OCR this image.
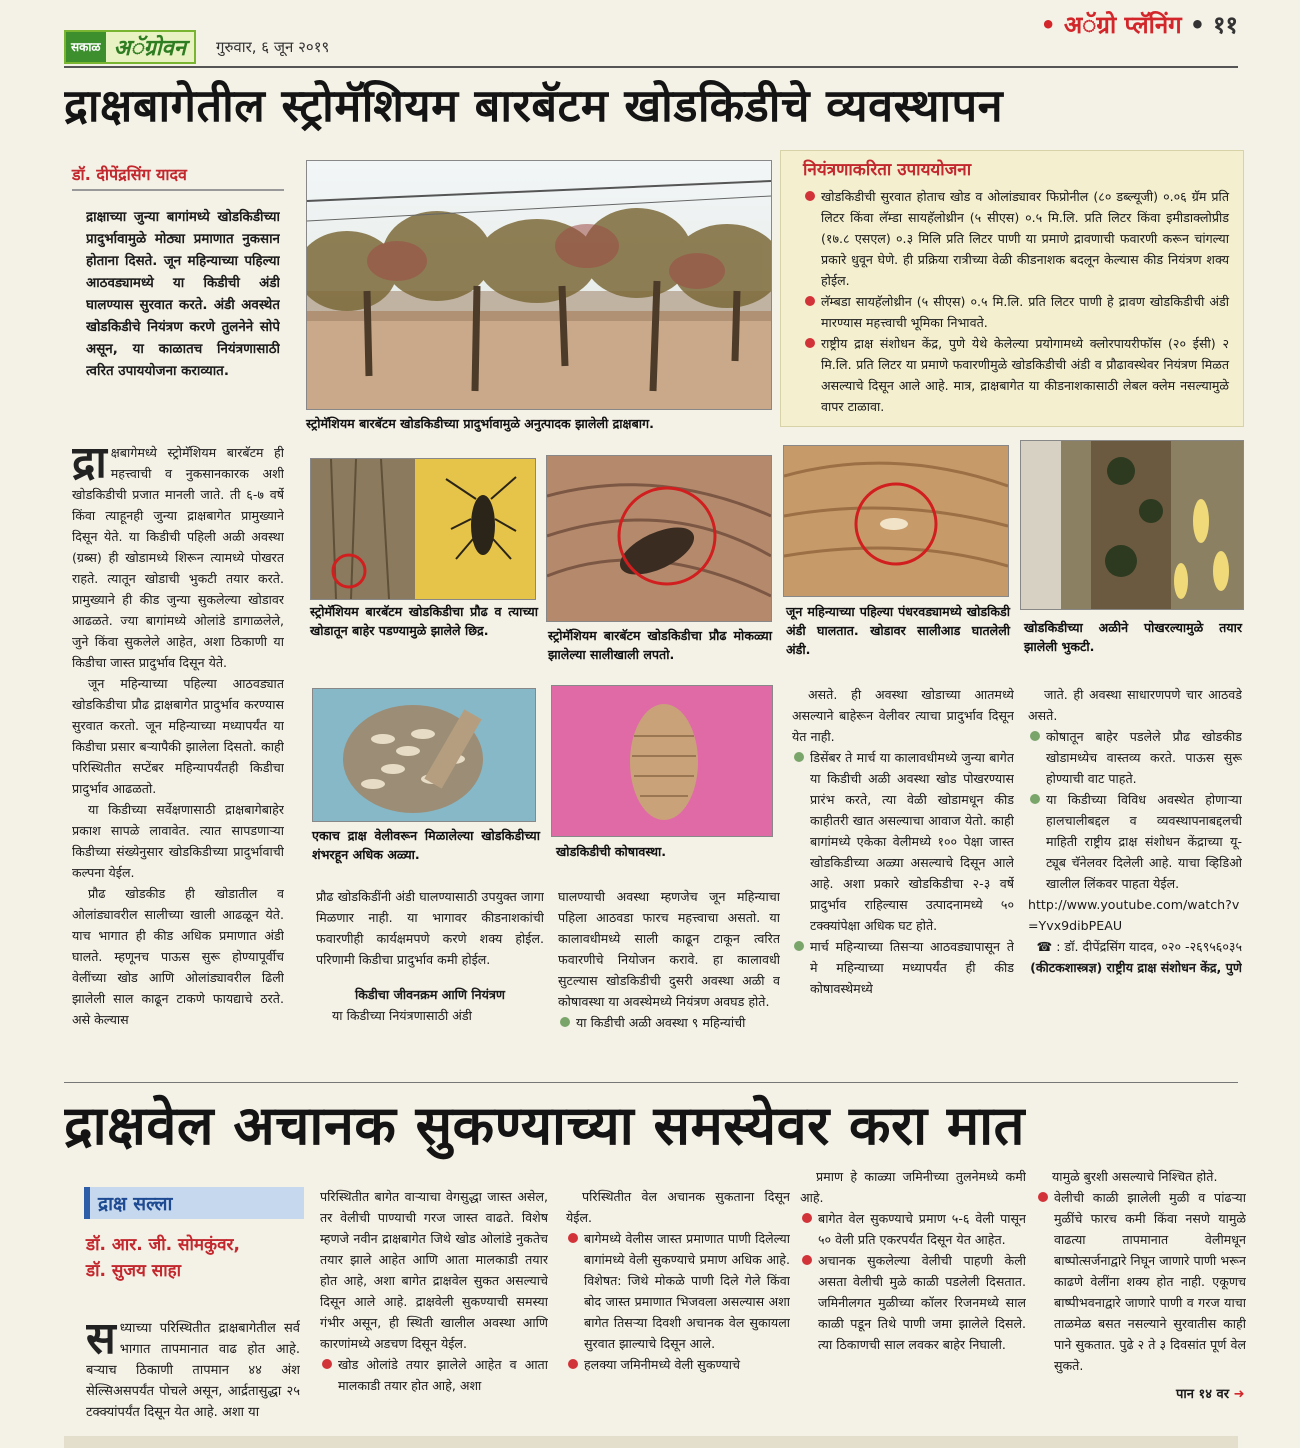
सकाळ अॅग्रोवन	गुरुवार, ६ जून २०१९
• अॅग्रो प्लॅनिंग • ११
द्राक्षबागेतील स्ट्रोमॅशियम बारबॅटम खोडकिडीचे व्यवस्थापन
डॉ. दीपेंद्रसिंग यादव
द्राक्षाच्या जुन्या बागांमध्ये खोडकिडीच्या प्रादुर्भावामुळे मोठ्या प्रमाणात नुकसान होताना दिसते. जून महिन्याच्या पहिल्या आठवड्यामध्ये या किडीची अंडी घालण्यास सुरवात करते. अंडी अवस्थेत खोडकिडीचे नियंत्रण करणे तुलनेने सोपे असून, या काळातच नियंत्रणासाठी त्वरित उपाययोजना कराव्यात.

द्रा क्षबागेमध्ये स्ट्रोमॅशियम बारबॅटम ही महत्त्वाची व नुकसानकारक अशी खोडकिडीची प्रजात मानली जाते. ती ६-७ वर्षे किंवा त्याहूनही जुन्या द्राक्षबागेत प्रामुख्याने दिसून येते. या किडीची पहिली अळी अवस्था (ग्रब्स) ही खोडामध्ये शिरून त्यामध्ये पोखरत राहते. त्यातून खोडाची भुकटी तयार करते. प्रामुख्याने ही कीड जुन्या सुकलेल्या खोडावर आढळते. ज्या बागांमध्ये ओलांडे डागाळलेले, जुने किंवा सुकलेले आहेत, अशा ठिकाणी या किडीचा जास्त प्रादुर्भाव दिसून येते.

जून महिन्याच्या पहिल्या आठवड्यात खोडकिडीचा प्रौढ द्राक्षबागेत प्रादुर्भाव करण्यास सुरवात करतो. जून महिन्याच्या मध्यापर्यंत या किडीचा प्रसार बऱ्यापैकी झालेला दिसतो. काही परिस्थितीत सप्टेंबर महिन्यापर्यंतही किडीचा प्रादुर्भाव आढळतो.

या किडीच्या सर्वेक्षणासाठी द्राक्षबागेबाहेर प्रकाश सापळे लावावेत. त्यात सापडणाऱ्या किडीच्या संख्येनुसार खोडकिडीच्या प्रादुर्भावाची कल्पना येईल.

प्रौढ खोडकीड ही खोडातील व ओलांड्यावरील सालीच्या खाली आढळून येते. याच भागात ही कीड अधिक प्रमाणात अंडी घालते. म्हणूनच पाऊस सुरू होण्यापूर्वीच वेलींच्या खोड आणि ओलांड्यावरील ढिली झालेली साल काढून टाकणे फायद्याचे ठरते. असे केल्यास

स्ट्रोमॅशियम बारबॅटम खोडकिडीच्या प्रादुर्भावामुळे अनुत्पादक झालेली द्राक्षबाग.
नियंत्रणाकरिता उपाययोजना
खोडकिडीची सुरवात होताच खोड व ओलांड्यावर फिप्रोनील (८० डब्ल्यूजी) ०.०६ ग्रॅम प्रति लिटर किंवा लॅम्डा सायहॅलोथ्रीन (५ सीएस) ०.५ मि.लि. प्रति लिटर किंवा इमीडाक्लोप्रीड (१७.८ एसएल) ०.३ मिलि प्रति लिटर पाणी या प्रमाणे द्रावणाची फवारणी करून चांगल्या प्रकारे धुवून घेणे. ही प्रक्रिया रात्रीच्या वेळी कीडनाशक बदलून केल्यास कीड नियंत्रण शक्य होईल.
लॅम्बडा सायहॅलोथ्रीन (५ सीएस) ०.५ मि.लि. प्रति लिटर पाणी हे द्रावण खोडकिडीची अंडी मारण्यास महत्त्वाची भूमिका निभावते.
राष्ट्रीय द्राक्ष संशोधन केंद्र, पुणे येथे केलेल्या प्रयोगामध्ये क्लोरपायरीफॉस (२० ईसी) २ मि.लि. प्रति लिटर या प्रमाणे फवारणीमुळे खोडकिडीची अंडी व प्रौढावस्थेवर नियंत्रण मिळत असल्याचे दिसून आले आहे. मात्र, द्राक्षबागेत या कीडनाशकासाठी लेबल क्लेम नसल्यामुळे वापर टाळावा.
स्ट्रोमॅशियम बारबॅटम खोडकिडीचा प्रौढ व त्याच्या खोडातून बाहेर पडण्यामुळे झालेले छिद्र.	स्ट्रोमॅशियम बारबॅटम खोडकिडीचा प्रौढ मोकळ्या झालेल्या सालीखाली लपतो.
जून महिन्याच्या पहिल्या पंधरवड्यामध्ये खोडकिडी अंडी घालतात. खोडावर सालीआड घातलेली अंडी.
खोडकिडीच्या अळीने पोखरल्यामुळे तयार झालेली भुकटी.
एकाच द्राक्ष वेलीवरून मिळालेल्या खोडकिडीच्या शंभरहून अधिक अळ्या.	खोडकिडीची कोषावस्था.

प्रौढ खोडकिडींनी अंडी घालण्यासाठी उपयुक्त जागा मिळणार नाही. या भागावर कीडनाशकांची फवारणीही कार्यक्षमपणे करणे शक्य होईल. परिणामी किडीचा प्रादुर्भाव कमी होईल.

किडीचा जीवनक्रम आणि नियंत्रण

या किडीच्या नियंत्रणासाठी अंडी

घालण्याची अवस्था म्हणजेच जून महिन्याचा पहिला आठवडा फारच महत्त्वाचा असतो. या कालावधीमध्ये साली काढून टाकून त्वरित फवारणीचे नियोजन करावे. हा कालावधी सुटल्यास खोडकिडीची दुसरी अवस्था अळी व कोषावस्था या अवस्थेमध्ये नियंत्रण अवघड होते.

या किडीची अळी अवस्था ९ महिन्यांची

असते. ही अवस्था खोडाच्या आतमध्ये असल्याने बाहेरून वेलीवर त्याचा प्रादुर्भाव दिसून येत नाही.

डिसेंबर ते मार्च या कालावधीमध्ये जुन्या बागेत या किडीची अळी अवस्था खोड पोखरण्यास प्रारंभ करते, त्या वेळी खोडामधून कीड काहीतरी खात असल्याचा आवाज येतो. काही बागांमध्ये एकेका वेलीमध्ये १०० पेक्षा जास्त खोडकिडीच्या अळ्या असल्याचे दिसून आले आहे. अशा प्रकारे खोडकिडीचा २-३ वर्षे प्रादुर्भाव राहिल्यास उत्पादनामध्ये ५० टक्क्यांपेक्षा अधिक घट होते.
मार्च महिन्याच्या तिसऱ्या आठवड्यापासून ते मे महिन्याच्या मध्यापर्यंत ही कीड कोषावस्थेमध्ये

जाते. ही अवस्था साधारणपणे चार आठवडे असते.

कोषातून बाहेर पडलेले प्रौढ खोडकीड खोडामध्येच वास्तव्य करते. पाऊस सुरू होण्याची वाट पाहते.
या किडीच्या विविध अवस्थेत होणाऱ्या हालचालीबद्दल व व्यवस्थापनाबद्दलची माहिती राष्ट्रीय द्राक्ष संशोधन केंद्राच्या यू-ट्यूब चॅनेलवर दिलेली आहे. याचा व्हिडिओ खालील लिंकवर पाहता येईल.

http://www.youtube.com/watch?v=Yvx9dibPEAU

☎ : डॉ. दीपेंद्रसिंग यादव, ०२० -२६९५६०३५

(कीटकशास्त्रज्ञ) राष्ट्रीय द्राक्ष संशोधन केंद्र, पुणे

द्राक्षवेल अचानक सुकण्याच्या समस्येवर करा मात
द्राक्ष सल्ला
डॉ. आर. जी. सोमकुंवर,
डॉ. सुजय साहा

सध्याच्या परिस्थितीत द्राक्षबागेतील सर्व भागात तापमानात वाढ होत आहे. बऱ्याच ठिकाणी तापमान ४४ अंश सेल्सिअसपर्यंत पोचले असून, आर्द्रतासुद्धा २५ टक्क्यांपर्यंत दिसून येत आहे. अशा या

परिस्थितीत बागेत वाऱ्याचा वेगसुद्धा जास्त असेल, तर वेलीची पाण्याची गरज जास्त वाढते. विशेष म्हणजे नवीन द्राक्षबागेत जिथे खोड ओलांडे नुकतेच तयार झाले आहेत आणि आता मालकाडी तयार होत आहे, अशा बागेत द्राक्षवेल सुकत असल्याचे दिसून आले आहे. द्राक्षवेली सुकण्याची समस्या गंभीर असून, ही स्थिती खालील अवस्था आणि कारणांमध्ये अडचण दिसून येईल.

खोड ओलांडे तयार झालेले आहेत व आता मालकाडी तयार होत आहे, अशा

परिस्थितीत वेल अचानक सुकताना दिसून येईल.

बागेमध्ये वेलीस जास्त प्रमाणात पाणी दिलेल्या बागांमध्ये वेली सुकण्याचे प्रमाण अधिक आहे. विशेषत: जिथे मोकळे पाणी दिले गेले किंवा बोद जास्त प्रमाणात भिजवला असल्यास अशा बागेत तिसऱ्या दिवशी अचानक वेल सुकायला सुरवात झाल्याचे दिसून आले.
हलक्या जमिनीमध्ये वेली सुकण्याचे

प्रमाण हे काळ्या जमिनीच्या तुलनेमध्ये कमी आहे.

बागेत वेल सुकण्याचे प्रमाण ५-६ वेली पासून ५० वेली प्रति एकरपर्यंत दिसून येत आहेत.
अचानक सुकलेल्या वेलीची पाहणी केली असता वेलीची मुळे काळी पडलेली दिसतात. जमिनीलगत मुळीच्या कॉलर रिजनमध्ये साल काळी पडून तिथे पाणी जमा झालेले दिसले. त्या ठिकाणची साल लवकर बाहेर निघाली.

यामुळे बुरशी असल्याचे निश्चित होते.

वेलीची काळी झालेली मुळी व पांढऱ्या मुळींचे फारच कमी किंवा नसणे यामुळे वाढत्या तापमानात वेलीमधून बाष्पोत्सर्जनाद्वारे निघून जाणारे पाणी भरून काढणे वेलींना शक्य होत नाही. एकूणच बाष्पीभवनाद्वारे जाणारे पाणी व गरज याचा ताळमेळ बसत नसल्याने सुरवातीस काही पाने सुकतात. पुढे २ ते ३ दिवसांत पूर्ण वेल सुकते.
पान १४ वर ➜
